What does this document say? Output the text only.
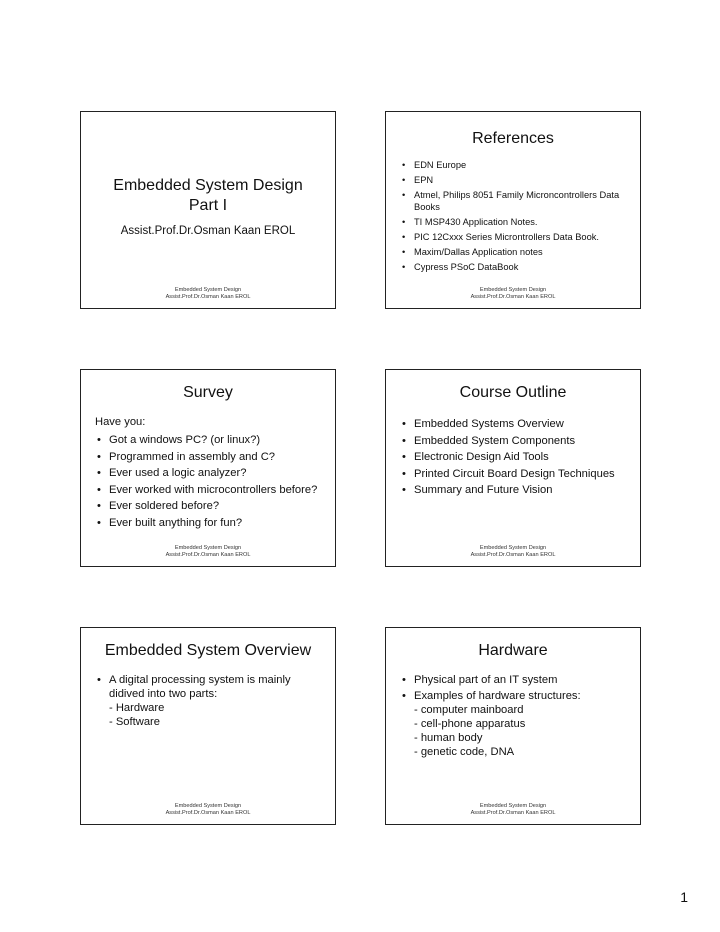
Embedded System Design
Part I
Assist.Prof.Dr.Osman Kaan EROL
Embedded System Design
Assist.Prof.Dr.Osman Kaan EROL
References
• EDN Europe
• EPN
• Atmel, Philips 8051 Family Microncontrollers Data Books
• TI MSP430 Application Notes.
• PIC 12Cxxx Series Microntrollers Data Book.
• Maxim/Dallas Application notes
• Cypress PSoC DataBook
Embedded System Design
Assist.Prof.Dr.Osman Kaan EROL
Survey
Have you:
• Got a windows PC? (or linux?)
• Programmed in assembly and C?
• Ever used a logic analyzer?
• Ever worked with microcontrollers before?
• Ever soldered before?
• Ever built anything for fun?
Embedded System Design
Assist.Prof.Dr.Osman Kaan EROL
Course Outline
• Embedded Systems Overview
• Embedded System Components
• Electronic Design Aid Tools
• Printed Circuit Board Design Techniques
• Summary and Future Vision
Embedded System Design
Assist.Prof.Dr.Osman Kaan EROL
Embedded System Overview
• A digital processing system is mainly didived into two parts:
- Hardware
- Software
Embedded System Design
Assist.Prof.Dr.Osman Kaan EROL
Hardware
• Physical part of an IT system
• Examples of hardware structures:
- computer mainboard
- cell-phone apparatus
- human body
- genetic code, DNA
Embedded System Design
Assist.Prof.Dr.Osman Kaan EROL
1
